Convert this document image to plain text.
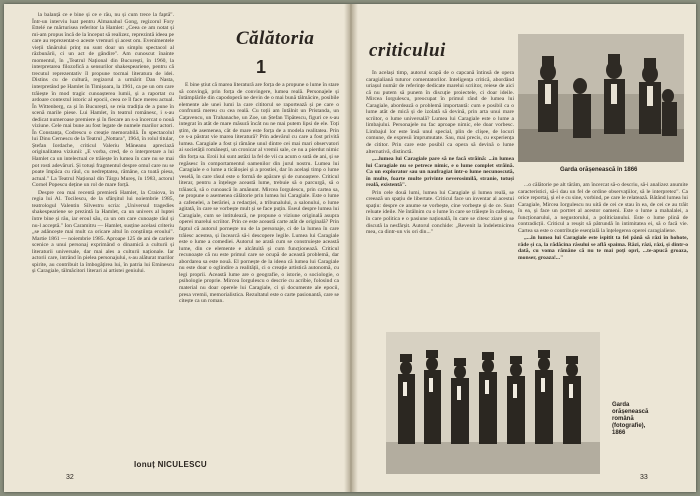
la balanță ce e bine și ce e rău, nu și cum trece la faptă". Într-un interviu luat pentru Almanahul Gong, regizorul Fory Ettelé ne mărturisea referitor la Hamlet: „Ceea ce am notat și mi-am propus încă de la început să realizez, reprezintă ideea pe care au reprezentat-o aceste vremuri și acest om. Evenimentele vieții tânărului prinț nu sunt doar un simplu spectacol al răzbunării, ci un act de gândire". Am cunoscut înainte momentul, în „Teatrul Național din București, în 1960, la interpretarea filozofică a sensurilor shakespeariene, pentru că trecutul reprezentativ îl propune tocmai literatura de idei. Distins cu de cultură, regizorul a urmărit Dan Nasta, interpretând pe Hamlet în Timișoara, la 1961, ca pe un om care trăiește în mod tragic cunoașterea lumii, și a raportat cu ardoare contextul istoric al epocii, ceea ce îl face mereu actual. În Wittenberg, ca și în București, se reia tradiția de a pune în scenă marile piese. Lui Hamlet, în teatrul românesc, i s-au dedicat numeroase premiere și în fiecare an s-a încercat o nouă viziune. Cele mai bune au fost legate de numele marilor actori. În Constanța, Codrescu o creație memorabilă. În spectacolul lui Dinu Cernescu de la Teatrul „Nottara", 1964, în rolul titular, Ștefan Iordache, criticul Valeriu Mâneanu apreciază originalitatea viziunii: „E vorba, cred, de o interpretare a lui Hamlet ca un intelectual ce trăiește în lumea în care nu se mai pot rosti adevăruri. Și totuși fragmentul despre omul care nu se poate împăca cu răul, cu nedreptatea, rămâne, ca toată piesa, actual." La Teatrul Național din Târgu Mureș, în 1983, actorul Cornel Popescu deține un rol de mare forță.

Despre cea mai recentă premieră Hamlet, la Craiova, în regia lui Al. Tocilescu, de la sfârșitul lui noiembrie 1985, teatrologul Valentin Silvestru scria: „Universul tragedies shakespeariene se prezintă la Hamlet, ca un univers al luptei între bine și rău, iar eroul său, ca un om care cunoaște răul și nu-l acceptă." Ion Caramitru — Hamlet, susține acelasi criteriu „se adâncește mai mult ca oricare altul în conștiința eroului". Martie 1861 — noiembrie 1985. Aproape 125 de ani de cariere scenice a unui personaj exprimând o dinamică a culturii și literaturii universale, dar mai ales a culturii naționale. Iar actorii care, intrând în pielea personajului, s-au alăturat marilor spirite, au contribuit la îmbogățirea lui, în patria lui Eminescu și Caragiale, tălmăcitori literari ai artistei geniului.

Ionuț NICULESCU
32
Călătoria
criticului
1

E bine știut că marea literatură are forța de a propune o lume în stare să convingă, prin forța de convingere, lumea reală. Personajele și întâmplările din capodoperă ne devin de o mai bună tâlmăcire, posibile elemente ale unei lumi la care cititorul se raportează și pe care o confruntă mereu cu cea reală. Cu toții am întâlnit un Pristanda, un Cațavencu, un Trahanache, un Zoe, un Ștefan Tipătescu, figuri ce s-au integrat în atât de mare măsură încât nu ne mai putem lipsi de ele. Toți știm, de asemenea, cât de mare este forța de a modela realitatea. Prin ce s-a păstrat vie marea literatură? Prin adevărul cu care a fost privită lumea. Caragiale a fost și rămâne unul dintre cei mai mari observatori ai societății românești, un cronicar al vremii sale, ce nu a pierdut nimic din forța sa. Eroii lui sunt astăzi la fel de vii ca acum o sută de ani, și se regăsesc în comportamentul oamenilor din jurul nostru. Lumea lui Caragiale e o lume a ticăloșiei și a prostiei, dar în același timp o lume veselă, în care râsul este o formă de apărare și de cunoaștere. Criticul literar, pentru a înțelege această lume, trebuie să o parcurgă, să o trăiască, să o cunoască în amănunt. Mircea Iorgulescu, prin cartea sa, ne propune o asemenea călătorie prin lumea lui Caragiale. Este o lume a cafenelei, a berăriei, a redacției, a tribunalului, a salonului, o lume agitată, în care se vorbește mult și se face puțin. Eseul despre lumea lui Caragiale, cum se intitulează, ne propune o viziune originală asupra operei marelui scriitor. Prin ce este această carte atât de originală? Prin faptul că autorul pornește nu de la personaje, ci de la lumea în care trăiesc acestea, și încearcă să-i descopere legile. Lumea lui Caragiale este o lume a comediei. Autorul ne arată cum se construiește această lume, din ce elemente e alcătuită și cum funcționează. Criticul recunoaște că nu este primul care se ocupă de această problemă, dar abordarea sa este nouă. El pornește de la ideea că lumea lui Caragiale nu este doar o oglindire a realității, ci o creație artistică autonomă, cu legi proprii. Această lume are o geografie, o istorie, o sociologie, o psihologie proprie. Mircea Iorgulescu o descrie cu acribie, folosind ca material nu doar operele lui Caragiale, ci și documente ale epocii, presa vremii, memorialistica. Rezultatul este o carte pasionantă, care se citește ca un roman.

În același timp, autorul scapă de o capcană întinsă de opera caragialiană tuturor comentatorilor. Inteligența critică, abordând uriașul număr de referințe dedicate marelui scriitor, reiese de aici că nu putem să punem în discuție proiectele, ci doar ideile. Mircea Iorgulescu, preocupat în primul rând de lumea lui Caragiale, abordează o problemă importantă: cum e posibil ca o lume atât de mică și de izolată să devină, prin arta unui mare scriitor, o lume universală? Lumea lui Caragiale este o lume a limbajului. Personajele nu fac aproape nimic, ele doar vorbesc. Limbajul lor este însă unul special, plin de clișee, de locuri comune, de expresii împrumutate. Sau, mai precis, cu experiența de cititor. Prin care este posibil ca opera să devină o lume alternativă, distinctă.

„...lumea lui Caragiale pare să ne facă străină: ...în lumea lui Caragiale nu se petrece nimic, e o lume complet străină. Ca un explorator sau un naufragiat intr-o lume necunoscută, în multe, foarte multe privinte neverosimilă, stranie, totuși reală, existentă".

Prin cele două lumi, lumea lui Caragiale și lumea reală, se creează un spațiu de libertate. Criticul face un inventar al acestui spațiu: despre ce anume se vorbește, cine vorbește și de ce. Sunt reluate ideile. Ne întâlnim cu o lume în care se trăiește în cafenea, în care politica e o pasiune națională, în care se citesc ziare și se discută la nesfârșit. Autorul conchide: „Revenit la îndeletnicirea mea, ca dintr-un vis ori din..."

Garda orășenească în 1866

...o călătorie pe alt tărâm, am încercat să-o descriu, să-i analizez anumite caracteristici, să-i dau un fel de ordine observațiilor, să le interpretez". Ca orice reportaj, și el e cu sine, vorbind, pe care le relatează. Bătând lumea lui Caragiale, Mircea Iorgulescu nu uită de cei ce stau în ea, de cei ce au trăit în ea, și face un portret al acestor oameni. Este o lume a mahalalei, a funcționarului, a negustorului, a politicianului. Este o lume plină de contradicții. Criticul a reușit să pătrundă în intimitatea ei, să o facă vie. Cartea sa este o contribuție esențială la înțelegerea operei caragialiene.

„...în lumea lui Caragiale este ispitit ta fel până să râzi în hohote, râde și ca, la rădăcina râsului se află spaima. Râzi, râzi, râzi, și dintr-o dată, cu voma rămâne că nu te mai poți opri, ...te-apucă groaza, monser, groaza!..."

Garda
orășenească
română
(fotografie),
1866
33
